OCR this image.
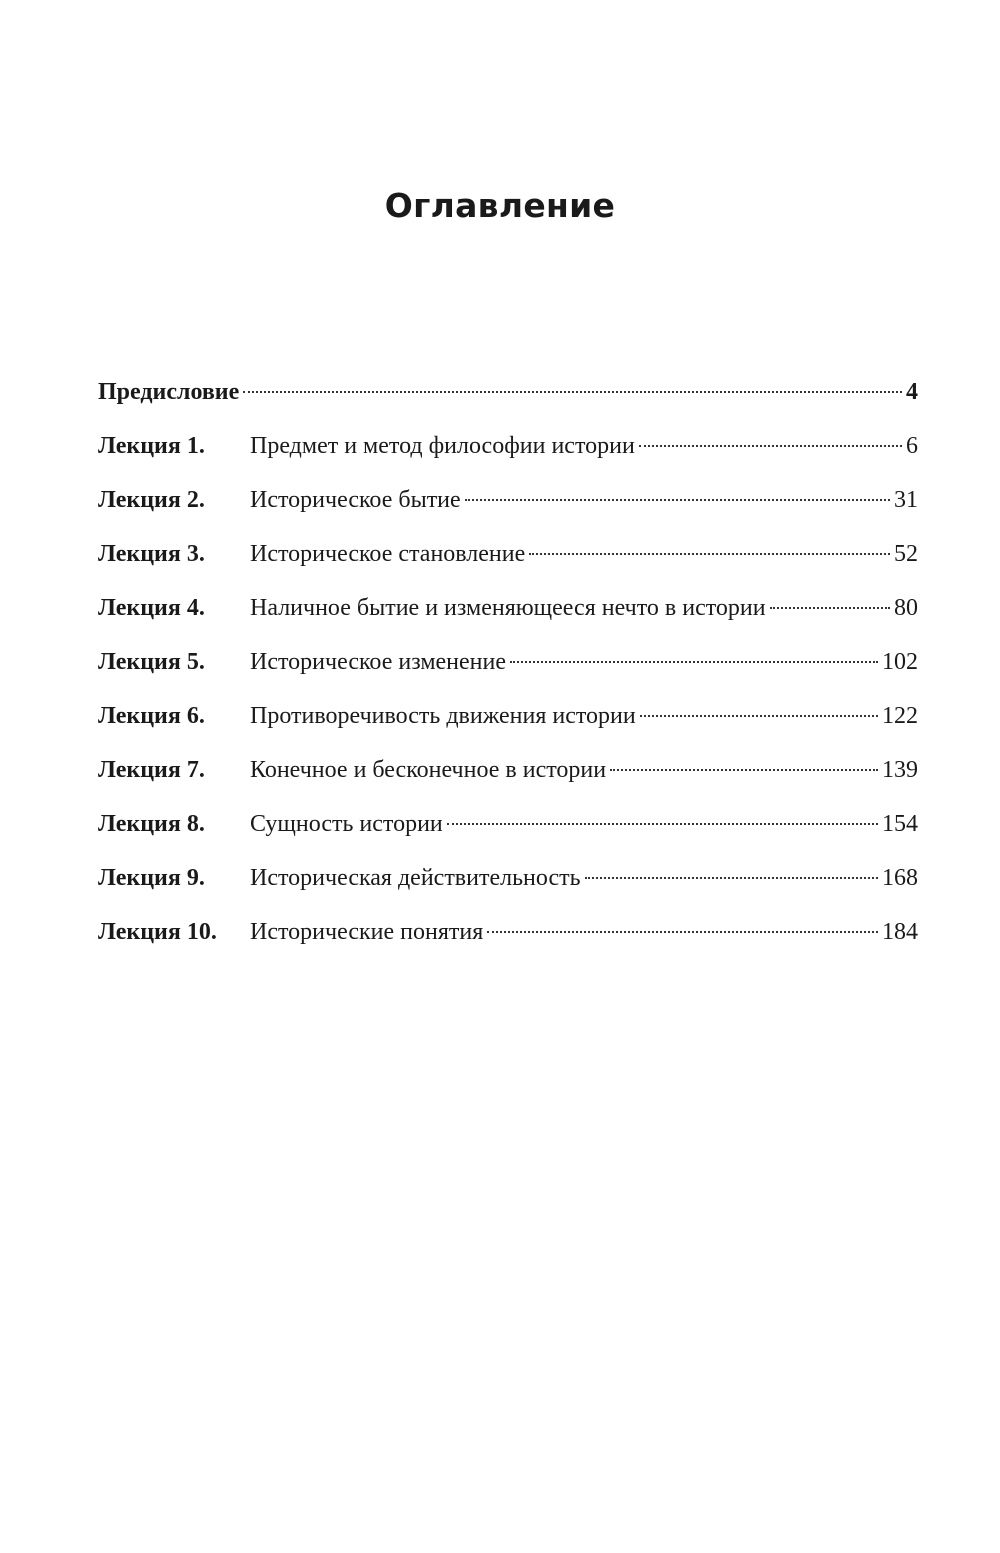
Оглавление
Предисловие	4
Лекция 1.	Предмет и метод философии истории	6
Лекция 2.	Историческое бытие	31
Лекция 3.	Историческое становление	52
Лекция 4.	Наличное бытие и изменяющееся нечто в истории	80
Лекция 5.	Историческое изменение	102
Лекция 6.	Противоречивость движения истории	122
Лекция 7.	Конечное и бесконечное в истории	139
Лекция 8.	Сущность истории	154
Лекция 9.	Историческая действительность	168
Лекция 10.	Исторические понятия	184
